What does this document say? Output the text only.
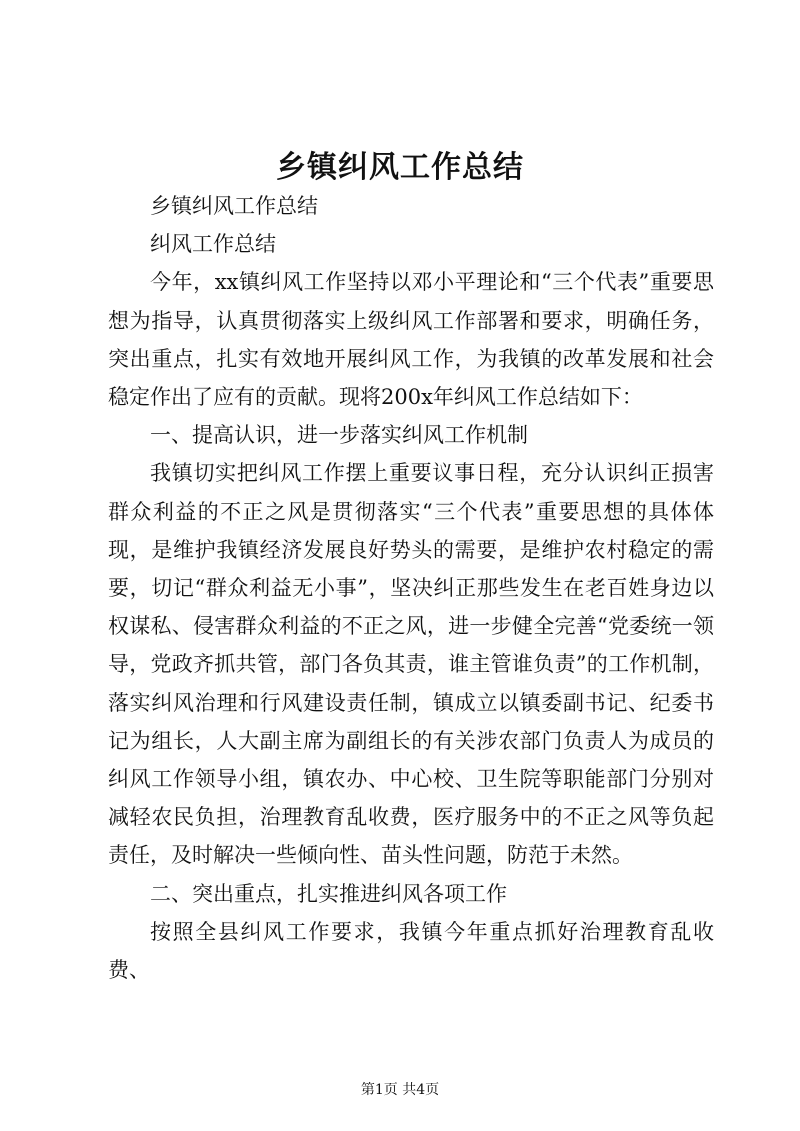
乡镇纠风工作总结

乡镇纠风工作总结

纠风工作总结

今年，xx镇纠风工作坚持以邓小平理论和“三个代表”重要思想为指导，认真贯彻落实上级纠风工作部署和要求，明确任务，突出重点，扎实有效地开展纠风工作，为我镇的改革发展和社会稳定作出了应有的贡献。现将200x年纠风工作总结如下：

一、提高认识，进一步落实纠风工作机制

我镇切实把纠风工作摆上重要议事日程，充分认识纠正损害群众利益的不正之风是贯彻落实“三个代表”重要思想的具体体现，是维护我镇经济发展良好势头的需要，是维护农村稳定的需要，切记“群众利益无小事”，坚决纠正那些发生在老百姓身边以权谋私、侵害群众利益的不正之风，进一步健全完善“党委统一领导，党政齐抓共管，部门各负其责，谁主管谁负责”的工作机制，落实纠风治理和行风建设责任制，镇成立以镇委副书记、纪委书记为组长，人大副主席为副组长的有关涉农部门负责人为成员的纠风工作领导小组，镇农办、中心校、卫生院等职能部门分别对减轻农民负担，治理教育乱收费，医疗服务中的不正之风等负起责任，及时解决一些倾向性、苗头性问题，防范于未然。

二、突出重点，扎实推进纠风各项工作

按照全县纠风工作要求，我镇今年重点抓好治理教育乱收费、

第1页 共4页
